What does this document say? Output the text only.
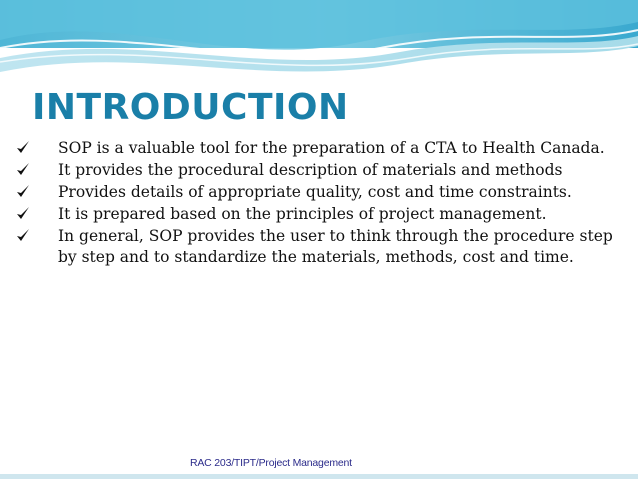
INTRODUCTION
SOP is a valuable tool for the preparation of a CTA to Health Canada.
It provides the procedural description of materials and methods
Provides details of appropriate quality, cost and time constraints.
It is prepared based on the principles of project management.
In general, SOP provides the user to think through the procedure step by step and to standardize the materials, methods, cost and time.
RAC 203/TIPT/Project Management
